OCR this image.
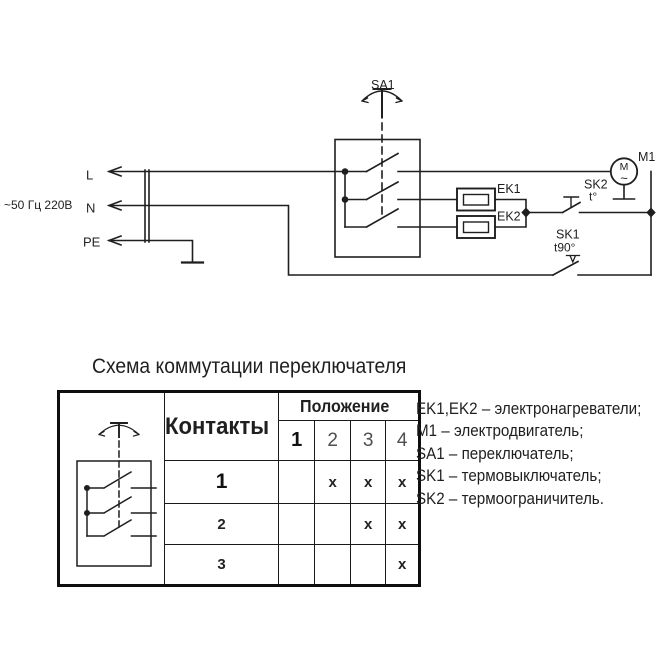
~50 Гц 220В
L
N
PE
SA1
EK1
EK2
SK2
t°
SK1
t90°
M1
M
~
Схема коммутации переключателя
	Контакты	Положение			
		1	2	3	4
	1		x	x	x
	2			x	x
	3				x
EK1,EK2 – электронагреватели;
M1 – электродвигатель;
SA1 – переключатель;
SK1 – термовыключатель;
SK2 – термоограничитель.
